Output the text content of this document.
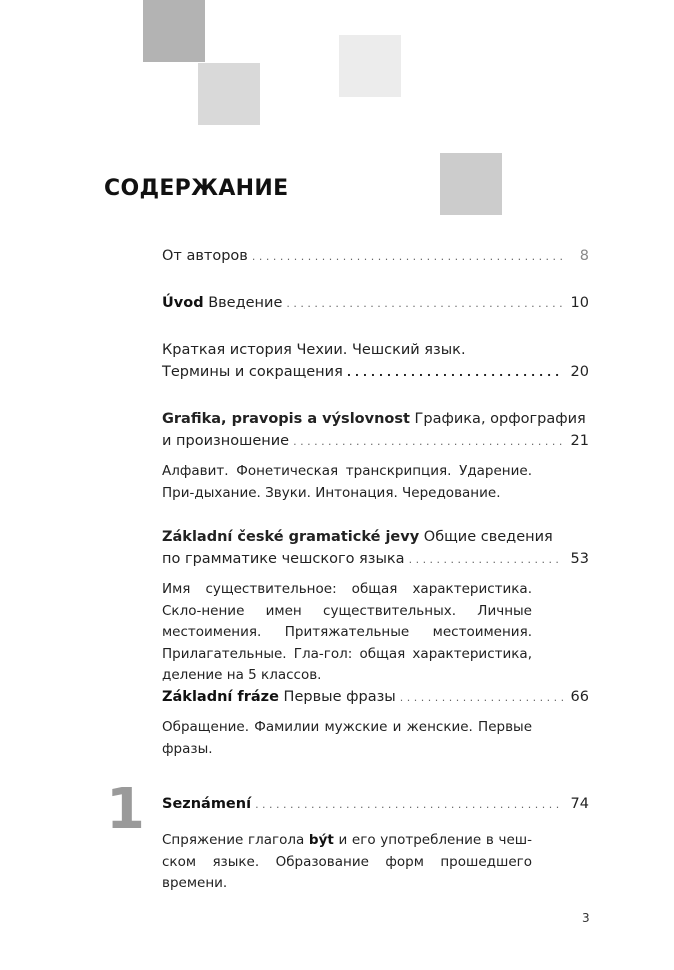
СОДЕРЖАНИЕ
От авторов . . .	8
Úvod Введение . . .	10
Краткая история Чехии. Чешский язык.
Термины и сокращения . . .	20
Grafika, pravopis a výslovnost Графика, орфография
и произношение . . .	21
Алфавит. Фонетическая транскрипция. Ударение. При-дыхание. Звуки. Интонация. Чередование.
Základní české gramatické jevy Общие сведения
по грамматике чешского языка . . .	53
Имя существительное: общая характеристика. Скло-нение имен существительных. Личные местоимения. Притяжательные местоимения. Прилагательные. Гла-гол: общая характеристика, деление на 5 классов.
Základní fráze Первые фразы . . .	66
Обращение. Фамилии мужские и женские. Первые фразы.
1 Seznámení . . .	74
Спряжение глагола být и его употребление в чеш-ском языке. Образование форм прошедшего времени.
3
